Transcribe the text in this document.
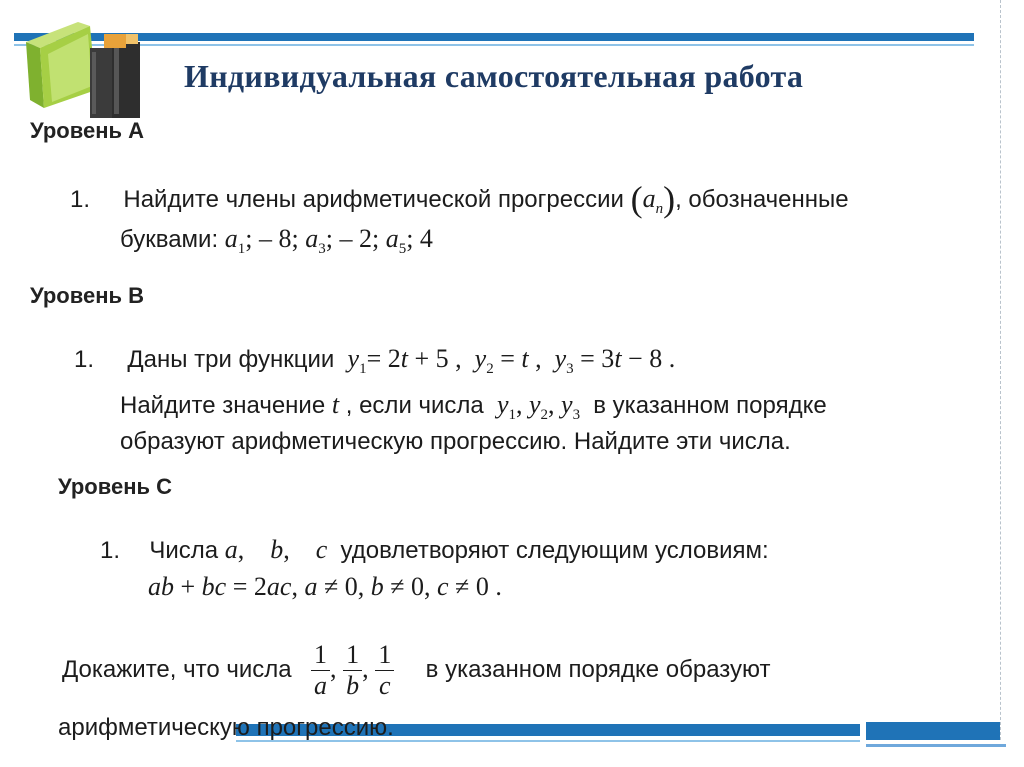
Индивидуальная самостоятельная работа
Уровень А
1. Найдите члены арифметической прогрессии $(a_n)$, обозначенные
буквами: $a_1$; – 8; $a_3$; – 2; $a_5$; 4
Уровень В
1. Даны три функции $y_1= 2t + 5$ ,  $y_2 = t$ ,  $y_3 = 3t - 8$ .
Найдите значение t , если числа $y_1$, $y_2$, $y_3$ в указанном порядке
образуют арифметическую прогрессию. Найдите эти числа.
Уровень С
1. Числа a,    b,    c удовлетворяют следующим условиям:
ab + bc = 2ac, a ≠ 0, b ≠ 0, c ≠ 0 .
Докажите, что числа $\frac{1}{a}$ , $\frac{1}{b}$ , $\frac{1}{c}$ в указанном порядке образуют
арифметическую прогрессию.
